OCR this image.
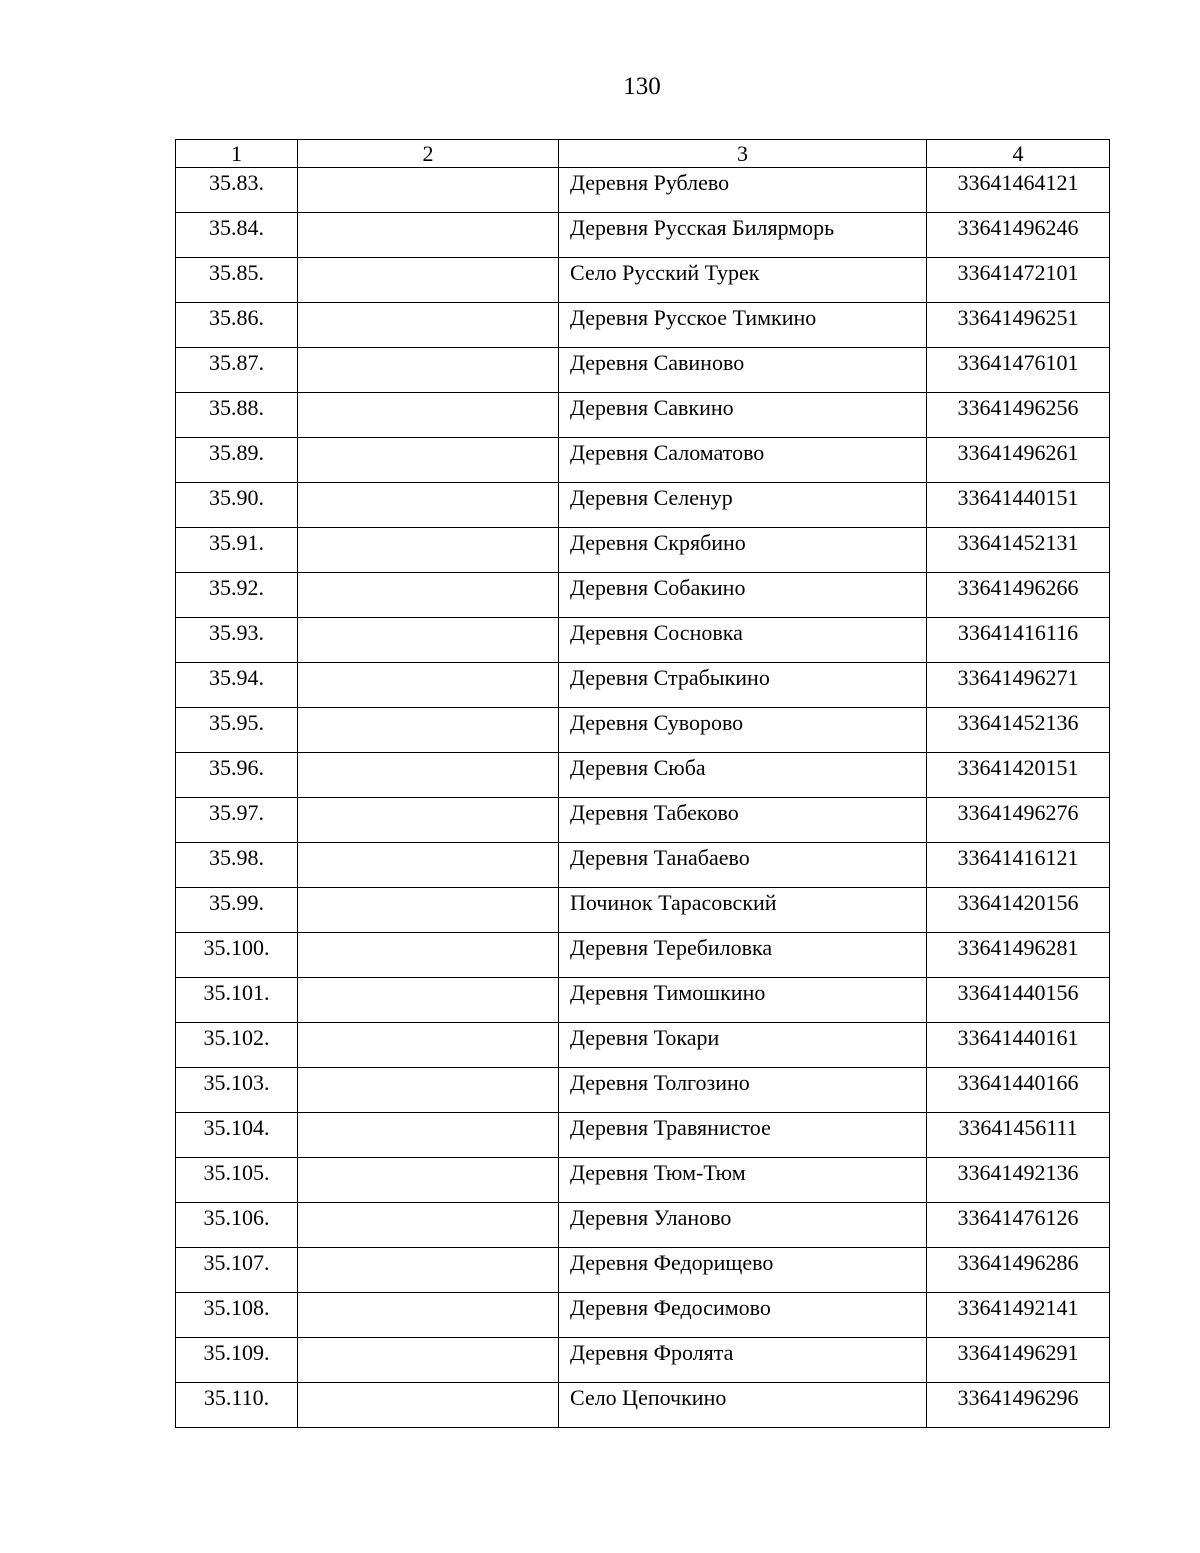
130
1	2	3	4
35.83.		Деревня Рублево	33641464121
35.84.		Деревня Русская Билярморь	33641496246
35.85.		Село Русский Турек	33641472101
35.86.		Деревня Русское Тимкино	33641496251
35.87.		Деревня Савиново	33641476101
35.88.		Деревня Савкино	33641496256
35.89.		Деревня Саломатово	33641496261
35.90.		Деревня Селенур	33641440151
35.91.		Деревня Скрябино	33641452131
35.92.		Деревня Собакино	33641496266
35.93.		Деревня Сосновка	33641416116
35.94.		Деревня Страбыкино	33641496271
35.95.		Деревня Суворово	33641452136
35.96.		Деревня Сюба	33641420151
35.97.		Деревня Табеково	33641496276
35.98.		Деревня Танабаево	33641416121
35.99.		Починок Тарасовский	33641420156
35.100.		Деревня Теребиловка	33641496281
35.101.		Деревня Тимошкино	33641440156
35.102.		Деревня Токари	33641440161
35.103.		Деревня Толгозино	33641440166
35.104.		Деревня Травянистое	33641456111
35.105.		Деревня Тюм-Тюм	33641492136
35.106.		Деревня Уланово	33641476126
35.107.		Деревня Федорищево	33641496286
35.108.		Деревня Федосимово	33641492141
35.109.		Деревня Фролята	33641496291
35.110.		Село Цепочкино	33641496296
